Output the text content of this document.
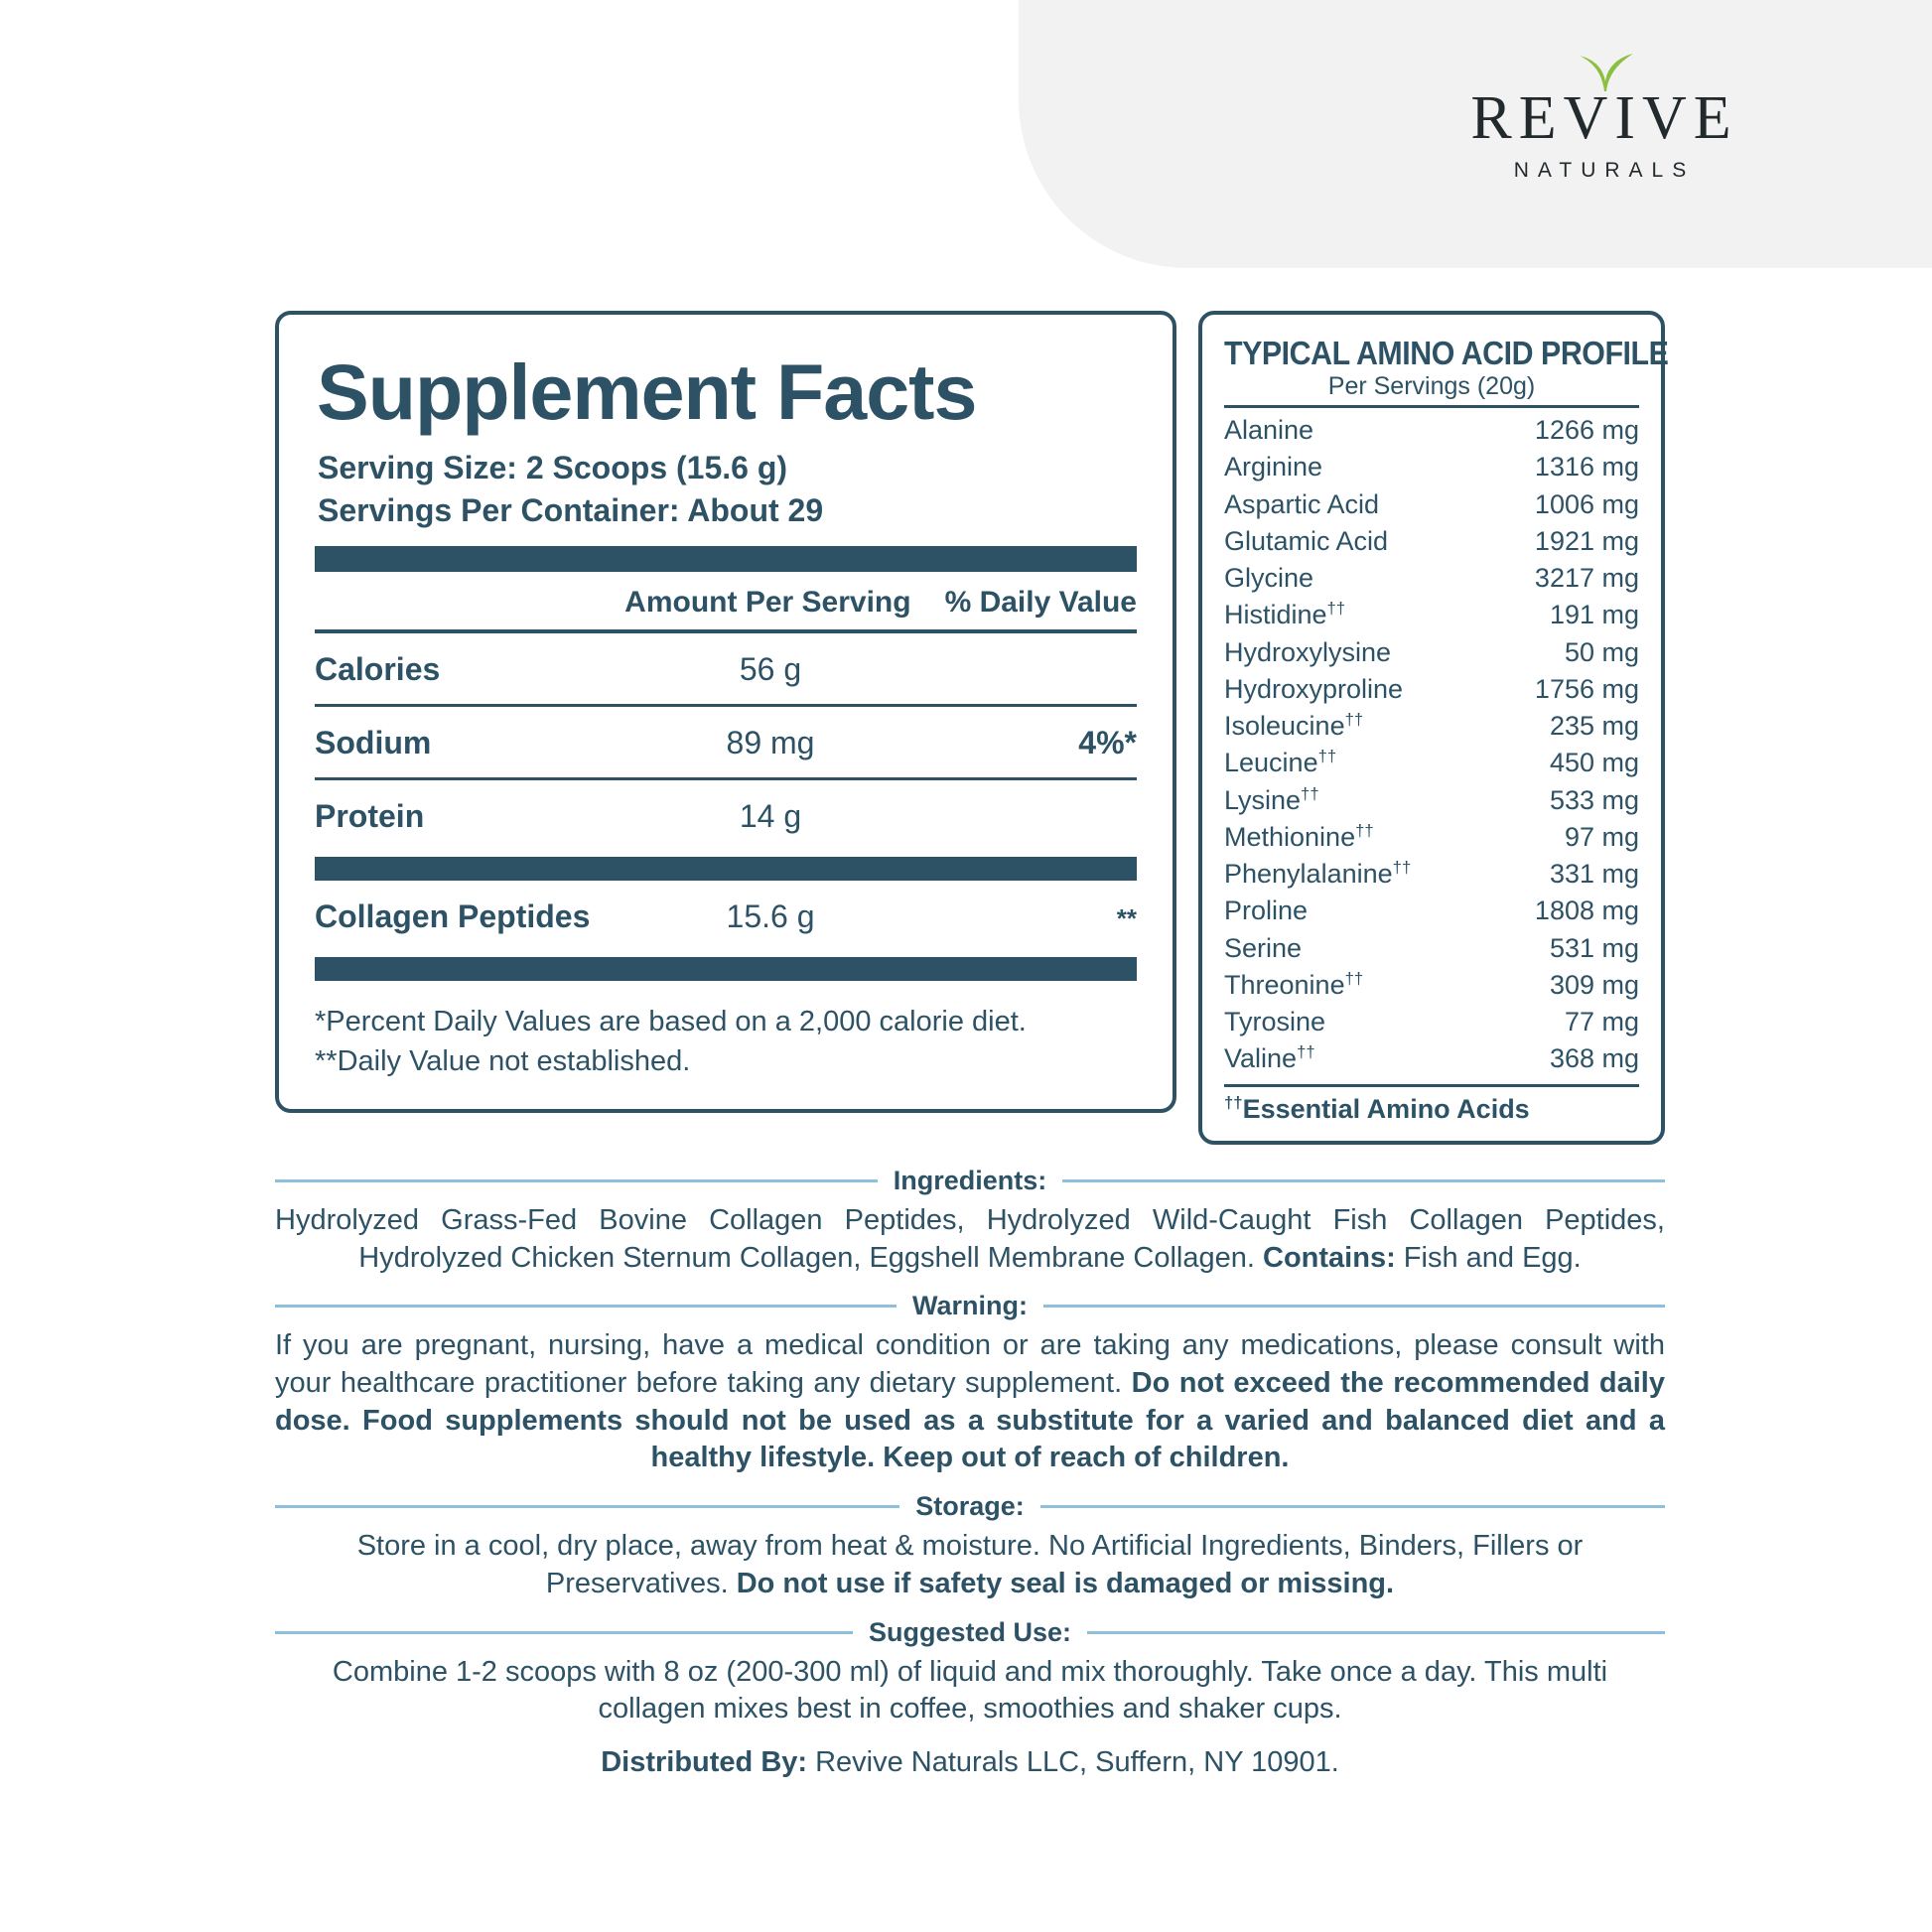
REVIVE
NATURALS
Supplement Facts
Serving Size: 2 Scoops (15.6 g)
Servings Per Container: About 29
Amount Per Serving % Daily Value
Calories	56 g
Sodium	89 mg	4%*
Protein	14 g
Collagen Peptides	15.6 g	**
*Percent Daily Values are based on a 2,000 calorie diet.
**Daily Value not established.
TYPICAL AMINO ACID PROFILE
Per Servings (20g)
Alanine	1266 mg
Arginine	1316 mg
Aspartic Acid	1006 mg
Glutamic Acid	1921 mg
Glycine	3217 mg
Histidine††	191 mg
Hydroxylysine	50 mg
Hydroxyproline	1756 mg
Isoleucine††	235 mg
Leucine††	450 mg
Lysine††	533 mg
Methionine††	97 mg
Phenylalanine††	331 mg
Proline	1808 mg
Serine	531 mg
Threonine††	309 mg
Tyrosine	77 mg
Valine††	368 mg
††Essential Amino Acids
Ingredients:
Hydrolyzed Grass-Fed Bovine Collagen Peptides, Hydrolyzed Wild-Caught Fish Collagen Peptides, Hydrolyzed Chicken Sternum Collagen, Eggshell Membrane Collagen. Contains: Fish and Egg.
Warning:
If you are pregnant, nursing, have a medical condition or are taking any medications, please consult with your healthcare practitioner before taking any dietary supplement. Do not exceed the recommended daily dose. Food supplements should not be used as a substitute for a varied and balanced diet and a healthy lifestyle. Keep out of reach of children.
Storage:
Store in a cool, dry place, away from heat & moisture. No Artificial Ingredients, Binders, Fillers or Preservatives. Do not use if safety seal is damaged or missing.
Suggested Use:
Combine 1-2 scoops with 8 oz (200-300 ml) of liquid and mix thoroughly. Take once a day. This multi collagen mixes best in coffee, smoothies and shaker cups.
Distributed By: Revive Naturals LLC, Suffern, NY 10901.
